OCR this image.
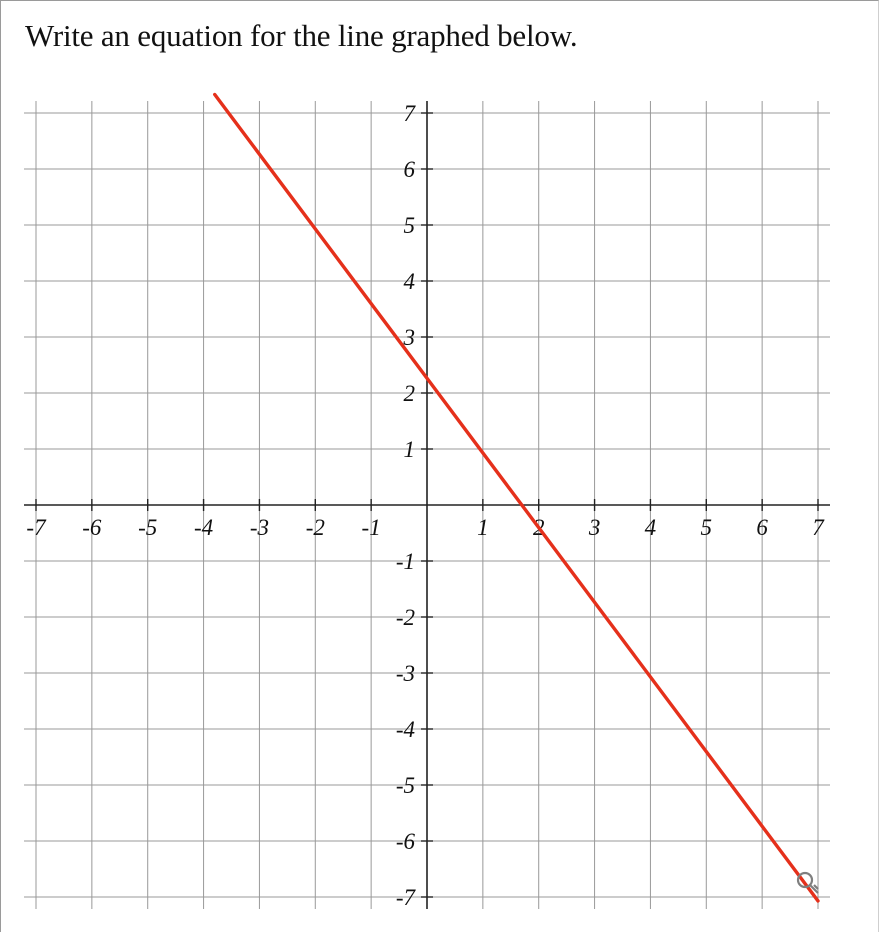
Write an equation for the line graphed below.
-7 -6 -5 -4 -3 -2 -1	1 2 3 4 5 6 7
7
6
5
4
3
2
1
-1
-2
-3
-4
-5
-6
-7
